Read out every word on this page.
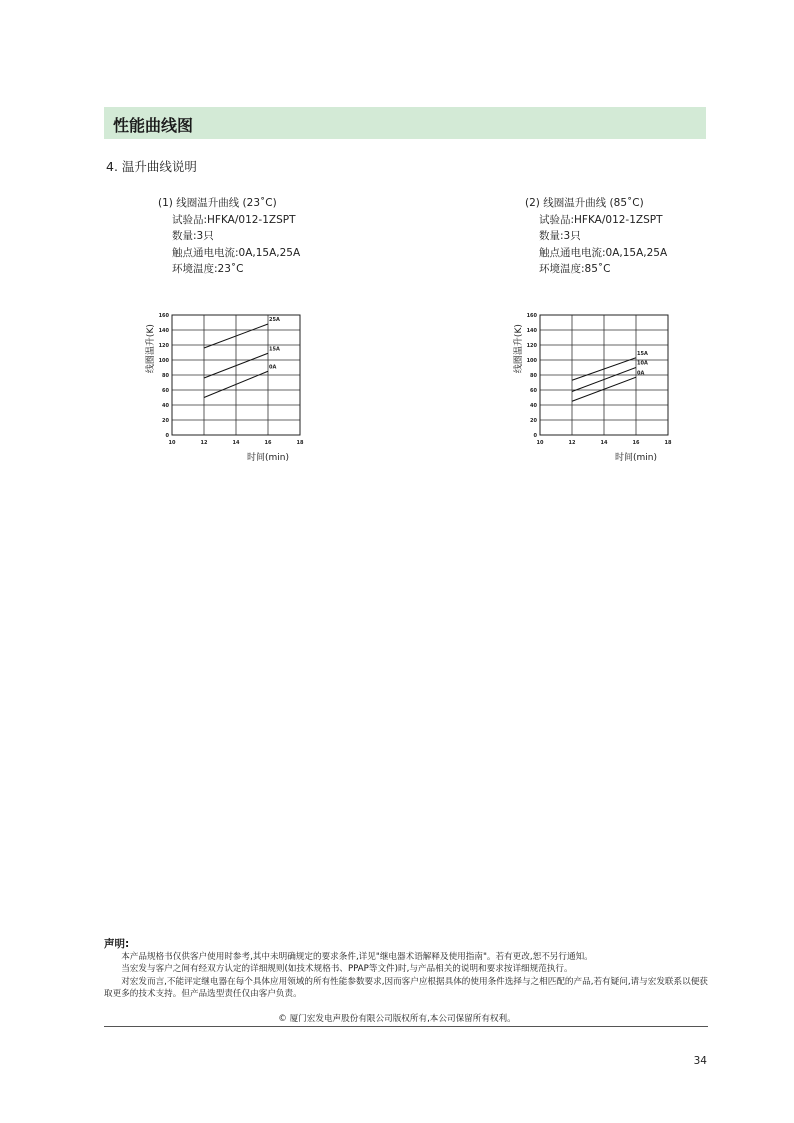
性能曲线图
4. 温升曲线说明
(1) 线圈温升曲线 (23˚C)
试验品:HFKA/012-1ZSPT
数量:3只
触点通电电流:0A,15A,25A
环境温度:23˚C
(2) 线圈温升曲线 (85˚C)
试验品:HFKA/012-1ZSPT
数量:3只
触点通电电流:0A,15A,25A
环境温度:85˚C
0
20
40
60
80
100
120
140
160
10	12	14	16	18
25A
15A
0A
时间(min)
线圈温升(K)
0
20
40
60
80
100
120
140
160
10	12	14	16	18
15A
10A
0A
时间(min)
线圈温升(K)
声明:
本产品规格书仅供客户使用时参考,其中未明确规定的要求条件,详见"继电器术语解释及使用指南"。若有更改,恕不另行通知。
当宏发与客户之间有经双方认定的详细规则(如技术规格书、PPAP等文件)时,与产品相关的说明和要求按详细规范执行。
对宏发而言,不能评定继电器在每个具体应用领域的所有性能参数要求,因而客户应根据具体的使用条件选择与之相匹配的产品,若有疑问,请与宏发联系以便获取更多的技术支持。但产品选型责任仅由客户负责。
© 厦门宏发电声股份有限公司版权所有,本公司保留所有权利。
34
